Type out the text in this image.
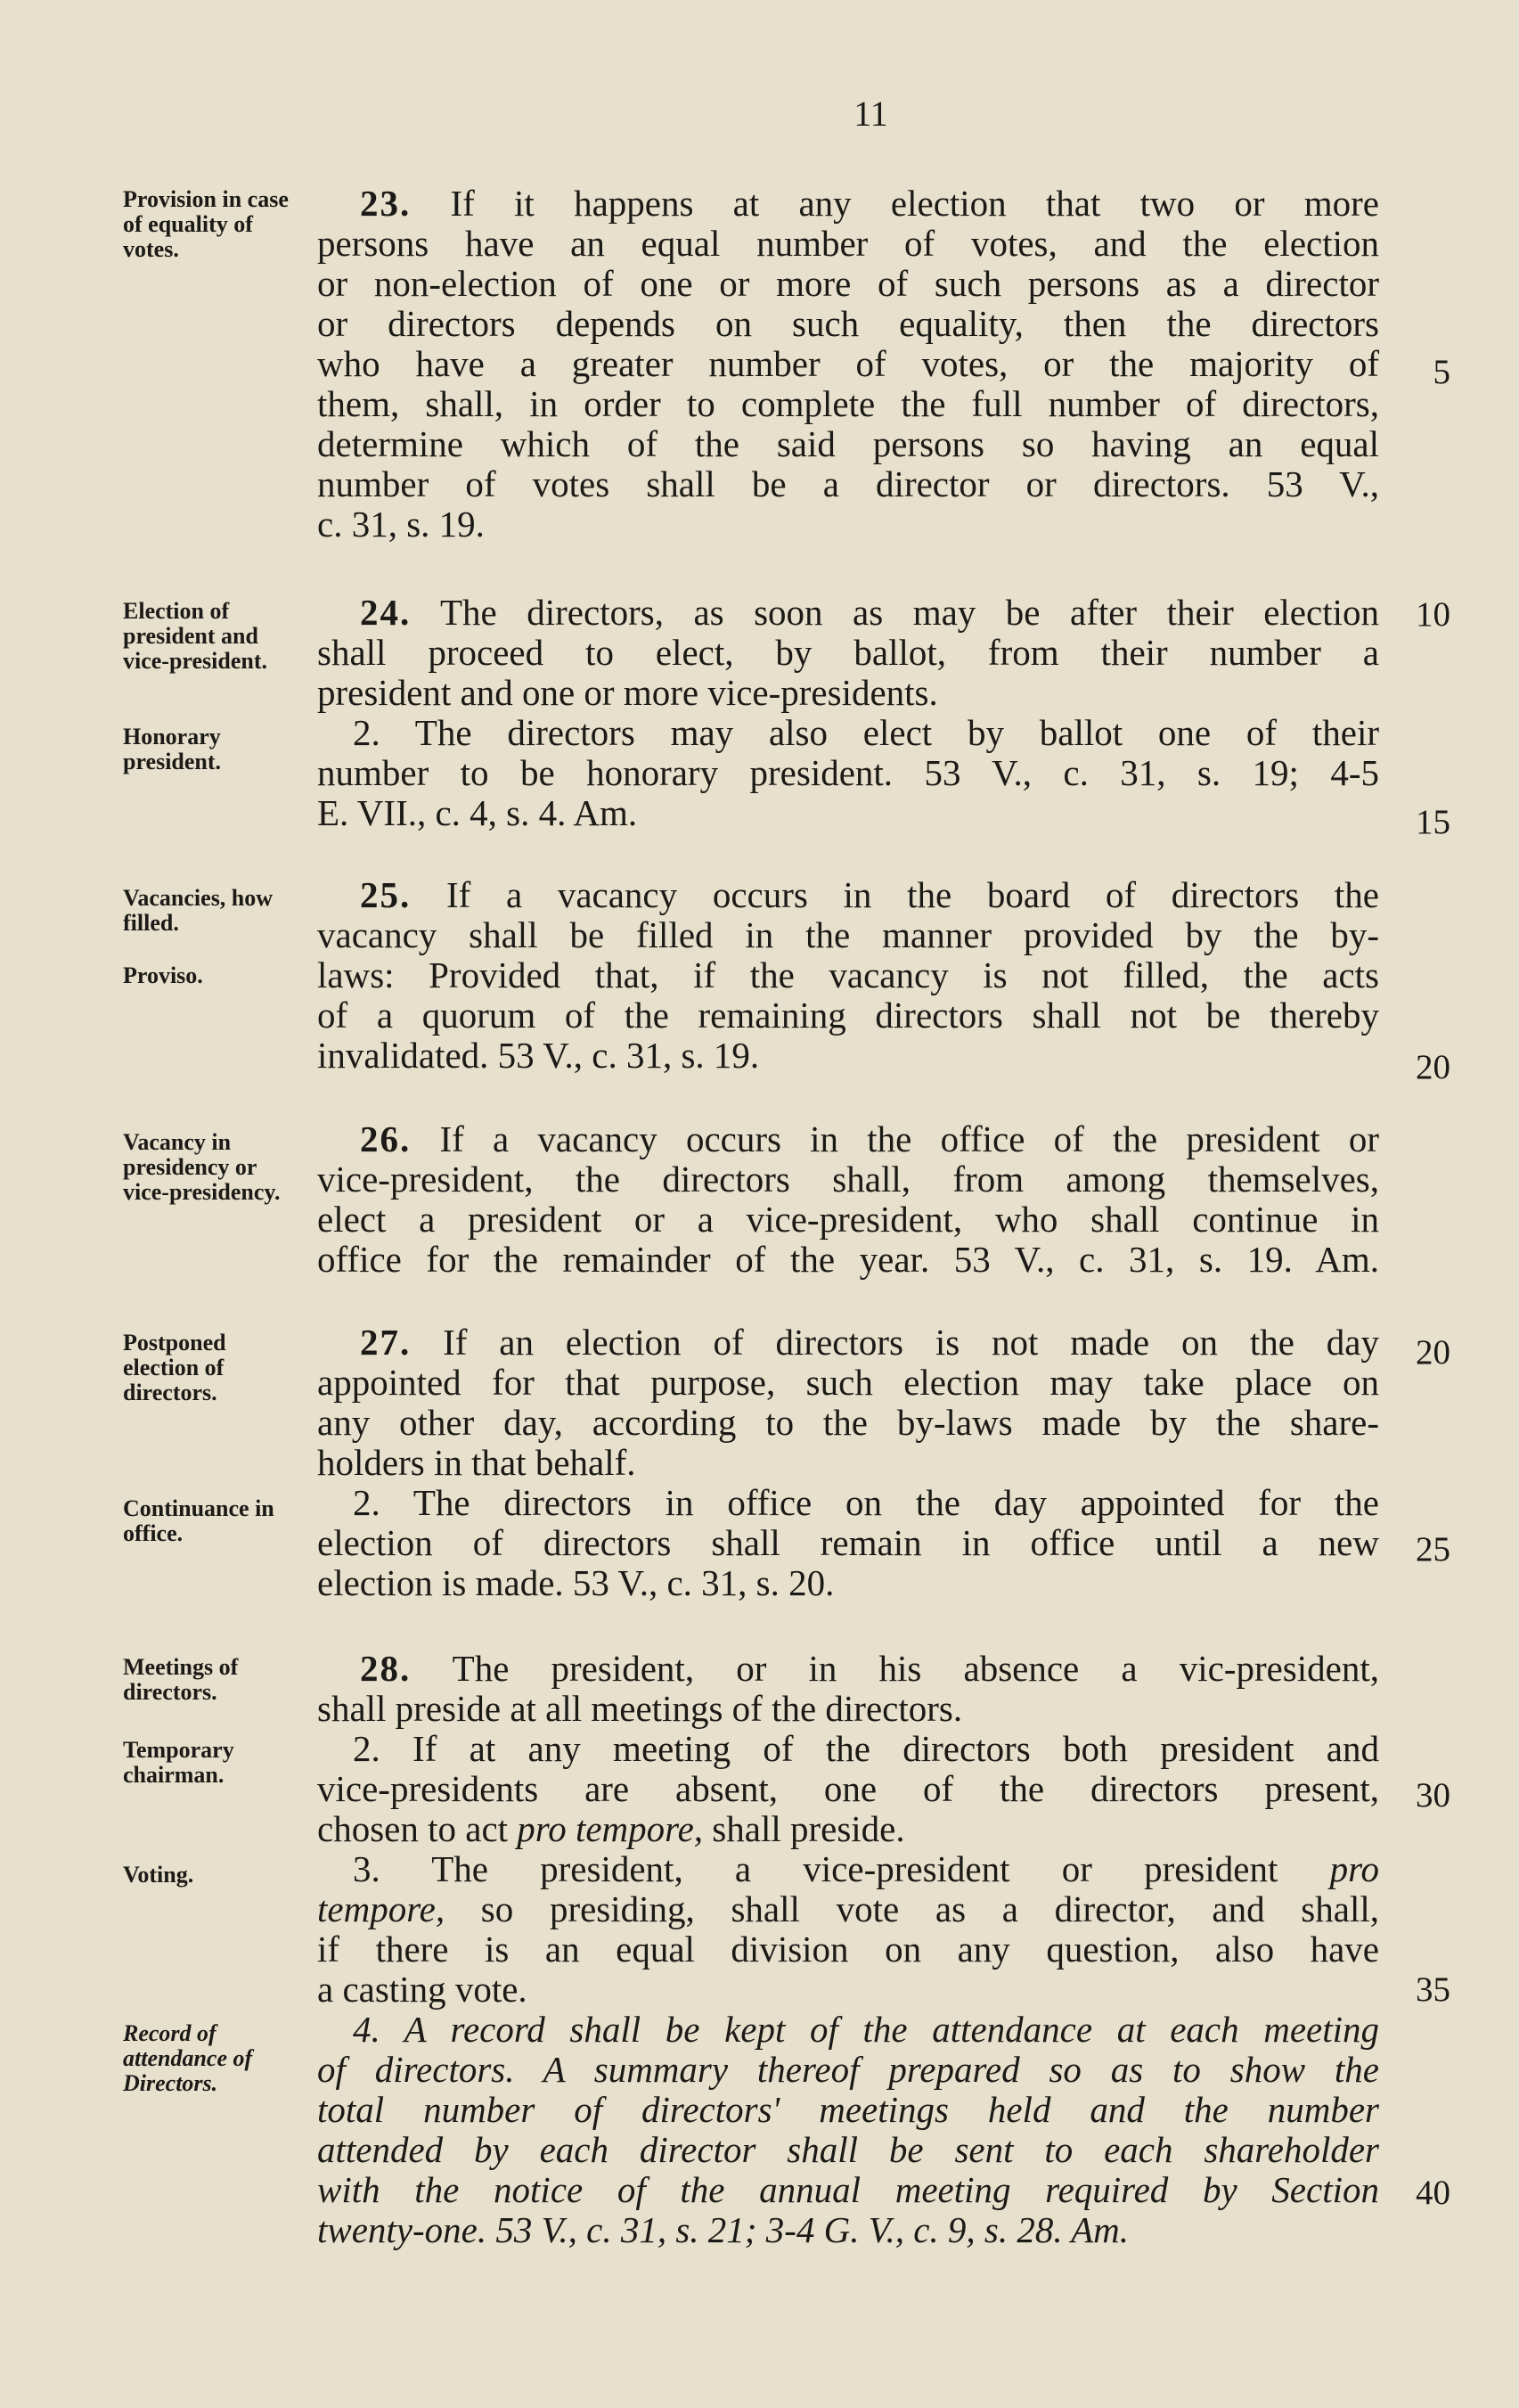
11
Provision in case of equality of votes.
Election of president and vice-president.
Honorary president.
Vacancies, how filled.
Proviso.
Vacancy in presidency or vice-presidency.
Postponed election of directors.
Continuance in office.
Meetings of directors.
Temporary chairman.
Voting.
Record of attendance of Directors.
23. If it happens at any election that two or more
persons have an equal number of votes, and the election
or non-election of one or more of such persons as a director
or directors depends on such equality, then the directors
who have a greater number of votes, or the majority of
them, shall, in order to complete the full number of directors,
determine which of the said persons so having an equal
number of votes shall be a director or directors. 53 V.,
c. 31, s. 19.
24. The directors, as soon as may be after their election
shall proceed to elect, by ballot, from their number a
president and one or more vice-presidents.
2. The directors may also elect by ballot one of their
number to be honorary president. 53 V., c. 31, s. 19; 4-5
E. VII., c. 4, s. 4. Am.
25. If a vacancy occurs in the board of directors the
vacancy shall be filled in the manner provided by the by-
laws: Provided that, if the vacancy is not filled, the acts
of a quorum of the remaining directors shall not be thereby
invalidated. 53 V., c. 31, s. 19.
26. If a vacancy occurs in the office of the president or
vice-president, the directors shall, from among themselves,
elect a president or a vice-president, who shall continue in
office for the remainder of the year. 53 V., c. 31, s. 19. Am.
27. If an election of directors is not made on the day
appointed for that purpose, such election may take place on
any other day, according to the by-laws made by the share-
holders in that behalf.
2. The directors in office on the day appointed for the
election of directors shall remain in office until a new
election is made. 53 V., c. 31, s. 20.
28. The president, or in his absence a vic-president,
shall preside at all meetings of the directors.
2. If at any meeting of the directors both president and
vice-presidents are absent, one of the directors present,
chosen to act pro tempore, shall preside.
3. The president, a vice-president or president pro
tempore, so presiding, shall vote as a director, and shall,
if there is an equal division on any question, also have
a casting vote.
4. A record shall be kept of the attendance at each meeting
of directors. A summary thereof prepared so as to show the
total number of directors' meetings held and the number
attended by each director shall be sent to each shareholder
with the notice of the annual meeting required by Section
twenty-one. 53 V., c. 31, s. 21; 3-4 G. V., c. 9, s. 28. Am.
5
10
15
20
20
25
30
35
40
